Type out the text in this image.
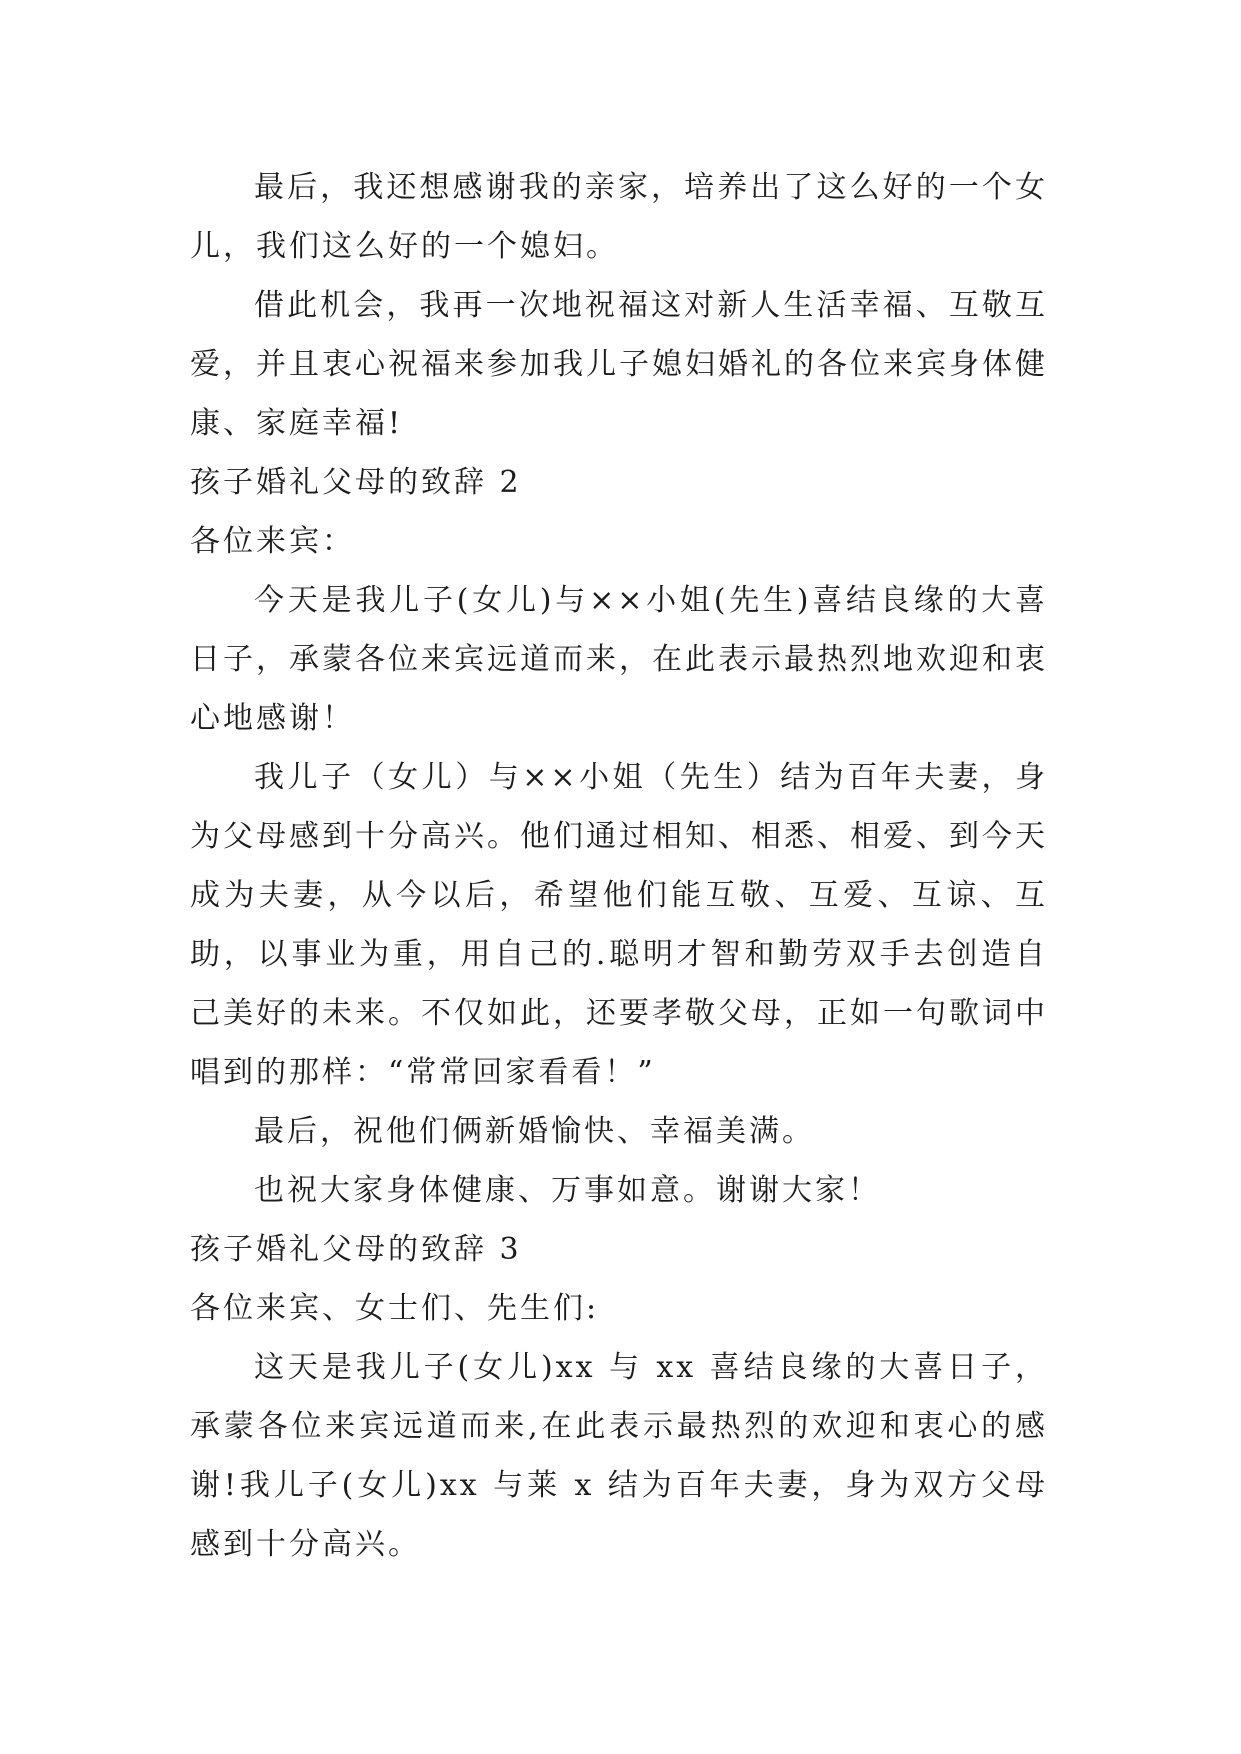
最后，我还想感谢我的亲家，培养出了这么好的一个女儿，我们这么好的一个媳妇。

借此机会，我再一次地祝福这对新人生活幸福、互敬互爱，并且衷心祝福来参加我儿子媳妇婚礼的各位来宾身体健康、家庭幸福!

孩子婚礼父母的致辞 2

各位来宾：

今天是我儿子(女儿)与××小姐(先生)喜结良缘的大喜日子，承蒙各位来宾远道而来，在此表示最热烈地欢迎和衷心地感谢！

我儿子（女儿）与××小姐（先生）结为百年夫妻，身为父母感到十分高兴。他们通过相知、相悉、相爱、到今天成为夫妻，从今以后，希望他们能互敬、互爱、互谅、互助，以事业为重，用自己的.聪明才智和勤劳双手去创造自己美好的未来。不仅如此，还要孝敬父母，正如一句歌词中唱到的那样：“常常回家看看！”

最后，祝他们俩新婚愉快、幸福美满。

也祝大家身体健康、万事如意。谢谢大家！

孩子婚礼父母的致辞 3

各位来宾、女士们、先生们:

这天是我儿子(女儿)xx 与 xx 喜结良缘的大喜日子，承蒙各位来宾远道而来,在此表示最热烈的欢迎和衷心的感谢!我儿子(女儿)xx 与莱 x 结为百年夫妻，身为双方父母感到十分高兴。
